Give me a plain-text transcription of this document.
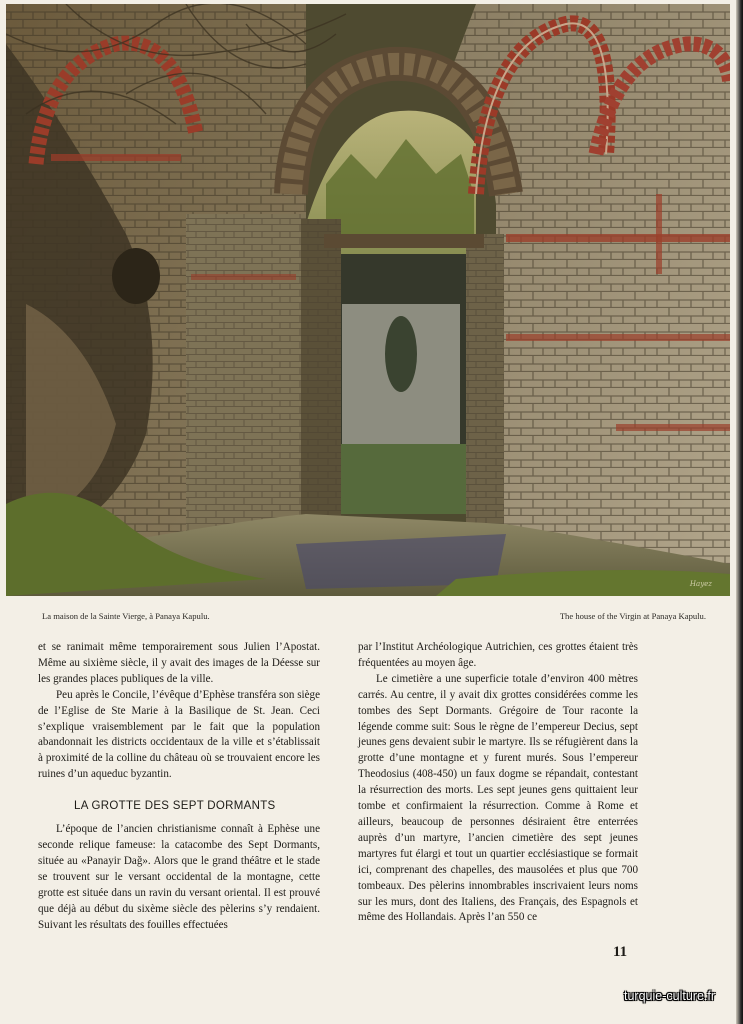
Hayez
La maison de la Sainte Vierge, à Panaya Kapulu.	The house of the Virgin at Panaya Kapulu.

et se ranimait même temporairement sous Julien l’Apostat. Même au sixième siècle, il y avait des images de la Déesse sur les grandes places publiques de la ville.

Peu après le Concile, l’évêque d’Ephèse transféra son siège de l’Eglise de Ste Marie à la Basilique de St. Jean. Ceci s’explique vraisemblement par le fait que la population abandonnait les districts occidentaux de la ville et s’établissait à proximité de la colline du château où se trouvaient encore les ruines d’un aqueduc byzantin.

LA GROTTE DES SEPT DORMANTS

L’époque de l’ancien christianisme connaît à Ephèse une seconde relique fameuse: la catacombe des Sept Dormants, située au «Panayir Dağ». Alors que le grand théâtre et le stade se trouvent sur le versant occidental de la montagne, cette grotte est située dans un ravin du versant oriental. Il est prouvé que déjà au début du sixème siècle des pèlerins s’y rendaient. Suivant les résultats des fouilles effectuées

par l’Institut Archéologique Autrichien, ces grottes étaient très fréquentées au moyen âge.

Le cimetière a une superficie totale d’environ 400 mètres carrés. Au centre, il y avait dix grottes considérées comme les tombes des Sept Dormants. Grégoire de Tour raconte la légende comme suit: Sous le règne de l’empereur Decius, sept jeunes gens devaient subir le martyre. Ils se réfugièrent dans la grotte d’une montagne et y furent murés. Sous l’empereur Theodosius (408-450) un faux dogme se répandait, contestant la résurrection des morts. Les sept jeunes gens quittaient leur tombe et confirmaient la résurrection. Comme à Rome et ailleurs, beaucoup de personnes désiraient être enterrées auprès d’un martyre, l’ancien cimetière des sept jeunes martyres fut élargi et tout un quartier ecclésiastique se formait ici, comprenant des chapelles, des mausolées et plus que 700 tombeaux. Des pèlerins innombrables inscrivaient leurs noms sur les murs, dont des Italiens, des Français, des Espagnols et même des Hollandais. Après l’an 550 ce

11
turquie-culture.fr
